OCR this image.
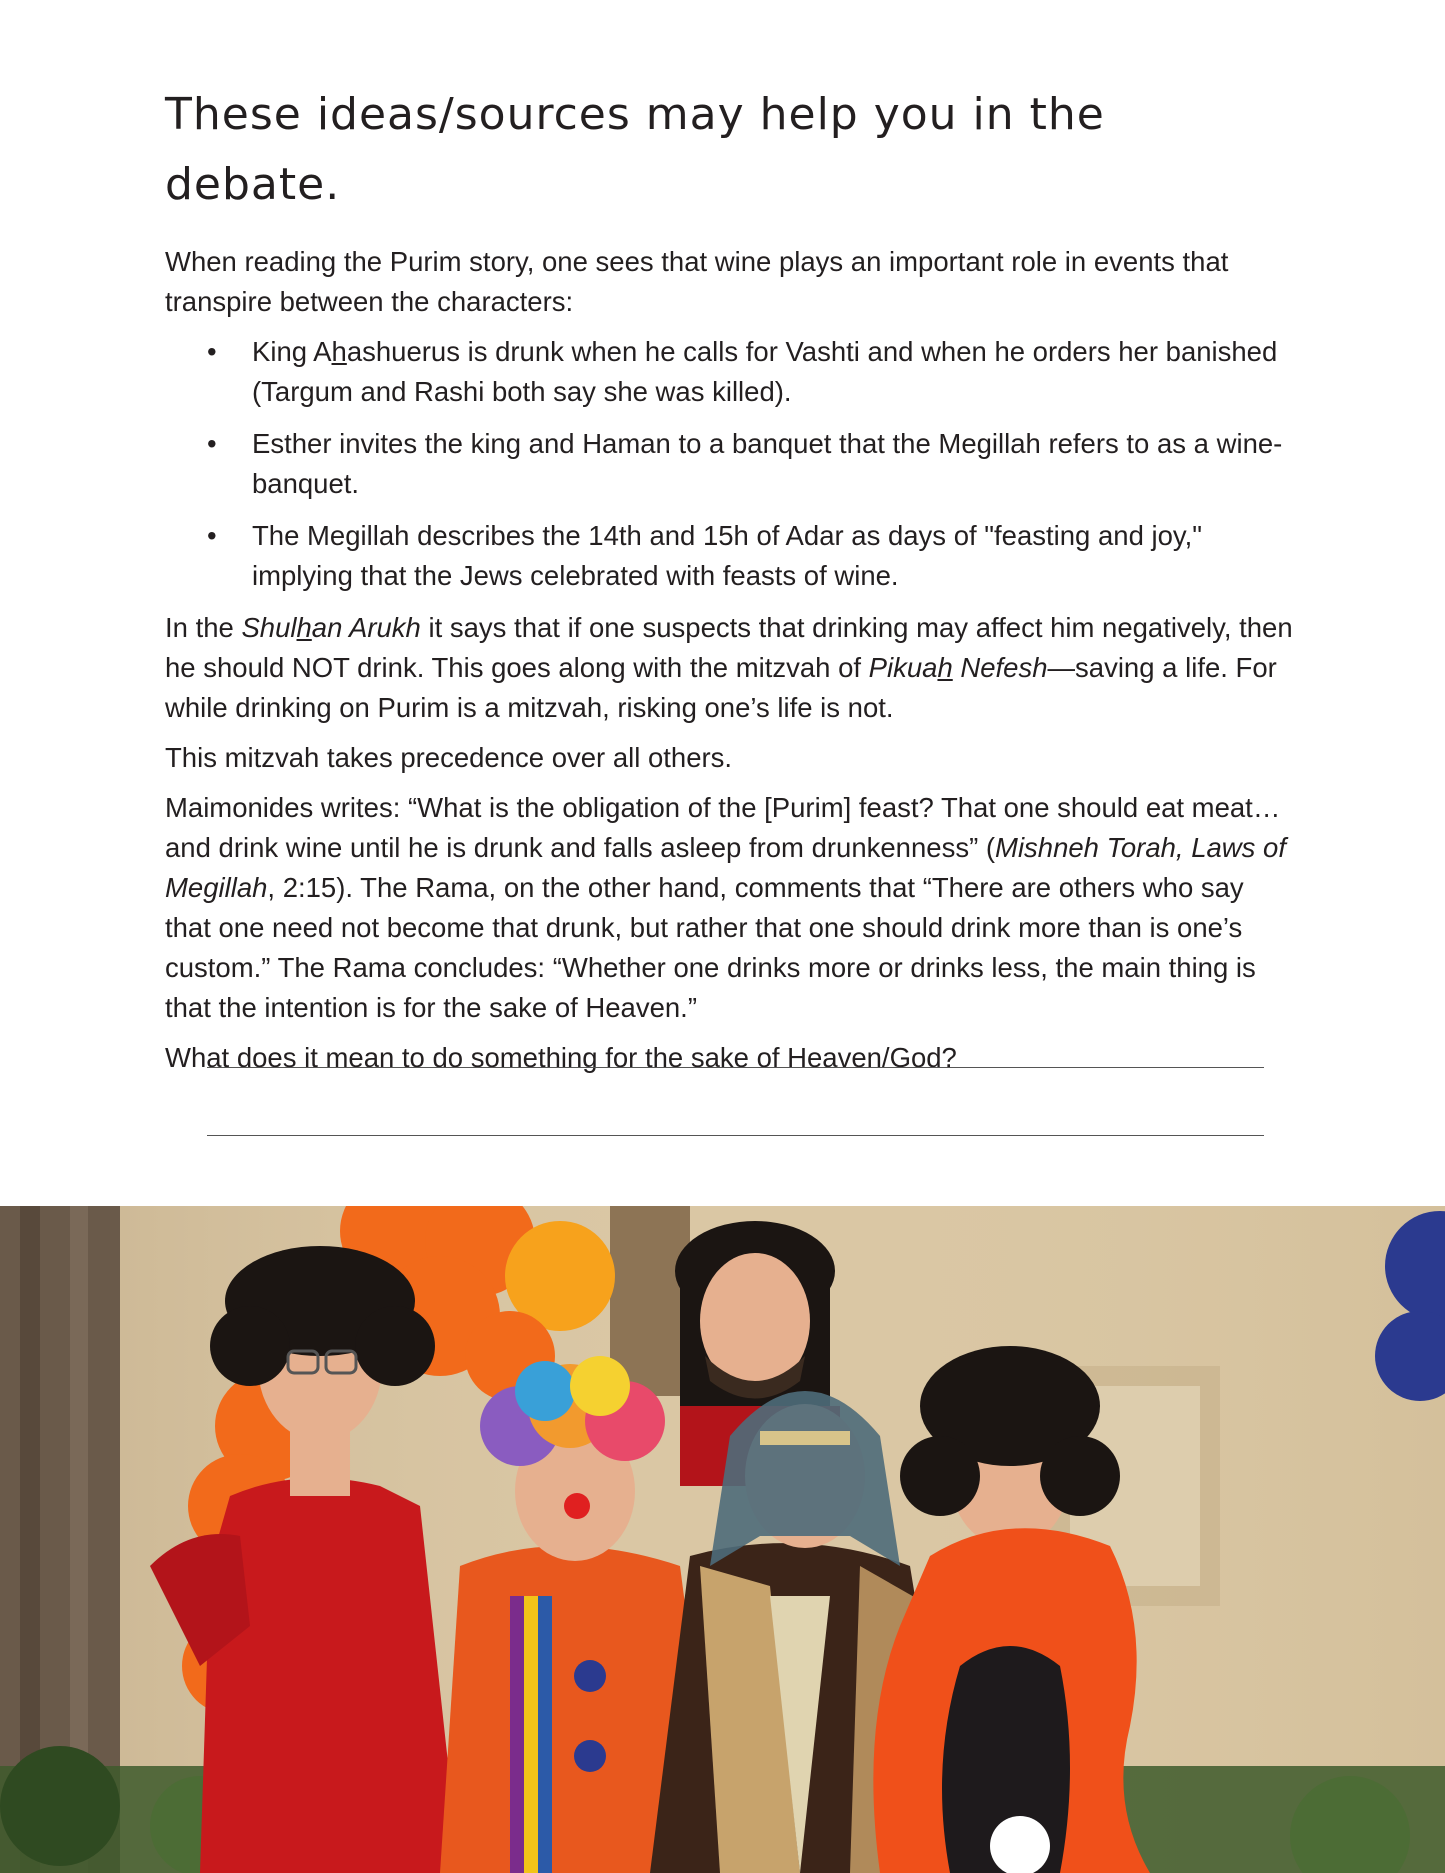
These ideas/sources may help you in the debate.

When reading the Purim story, one sees that wine plays an important role in events that transpire between the characters:

• King Ahashuerus is drunk when he calls for Vashti and when he orders her banished (Targum and Rashi both say she was killed).
• Esther invites the king and Haman to a banquet that the Megillah refers to as a wine-banquet.
• The Megillah describes the 14th and 15h of Adar as days of "feasting and joy," implying that the Jews celebrated with feasts of wine.

In the Shulhan Arukh it says that if one suspects that drinking may affect him negatively, then he should NOT drink. This goes along with the mitzvah of Pikuah Nefesh—saving a life. For while drinking on Purim is a mitzvah, risking one’s life is not.

This mitzvah takes precedence over all others.

Maimonides writes: “What is the obligation of the [Purim] feast? That one should eat meat…and drink wine until he is drunk and falls asleep from drunkenness” (Mishneh Torah, Laws of Megillah, 2:15). The Rama, on the other hand, comments that “There are others who say that one need not become that drunk, but rather that one should drink more than is one’s custom.” The Rama concludes: “Whether one drinks more or drinks less, the main thing is that the intention is for the sake of Heaven.”

What does it mean to do something for the sake of Heaven/God?
